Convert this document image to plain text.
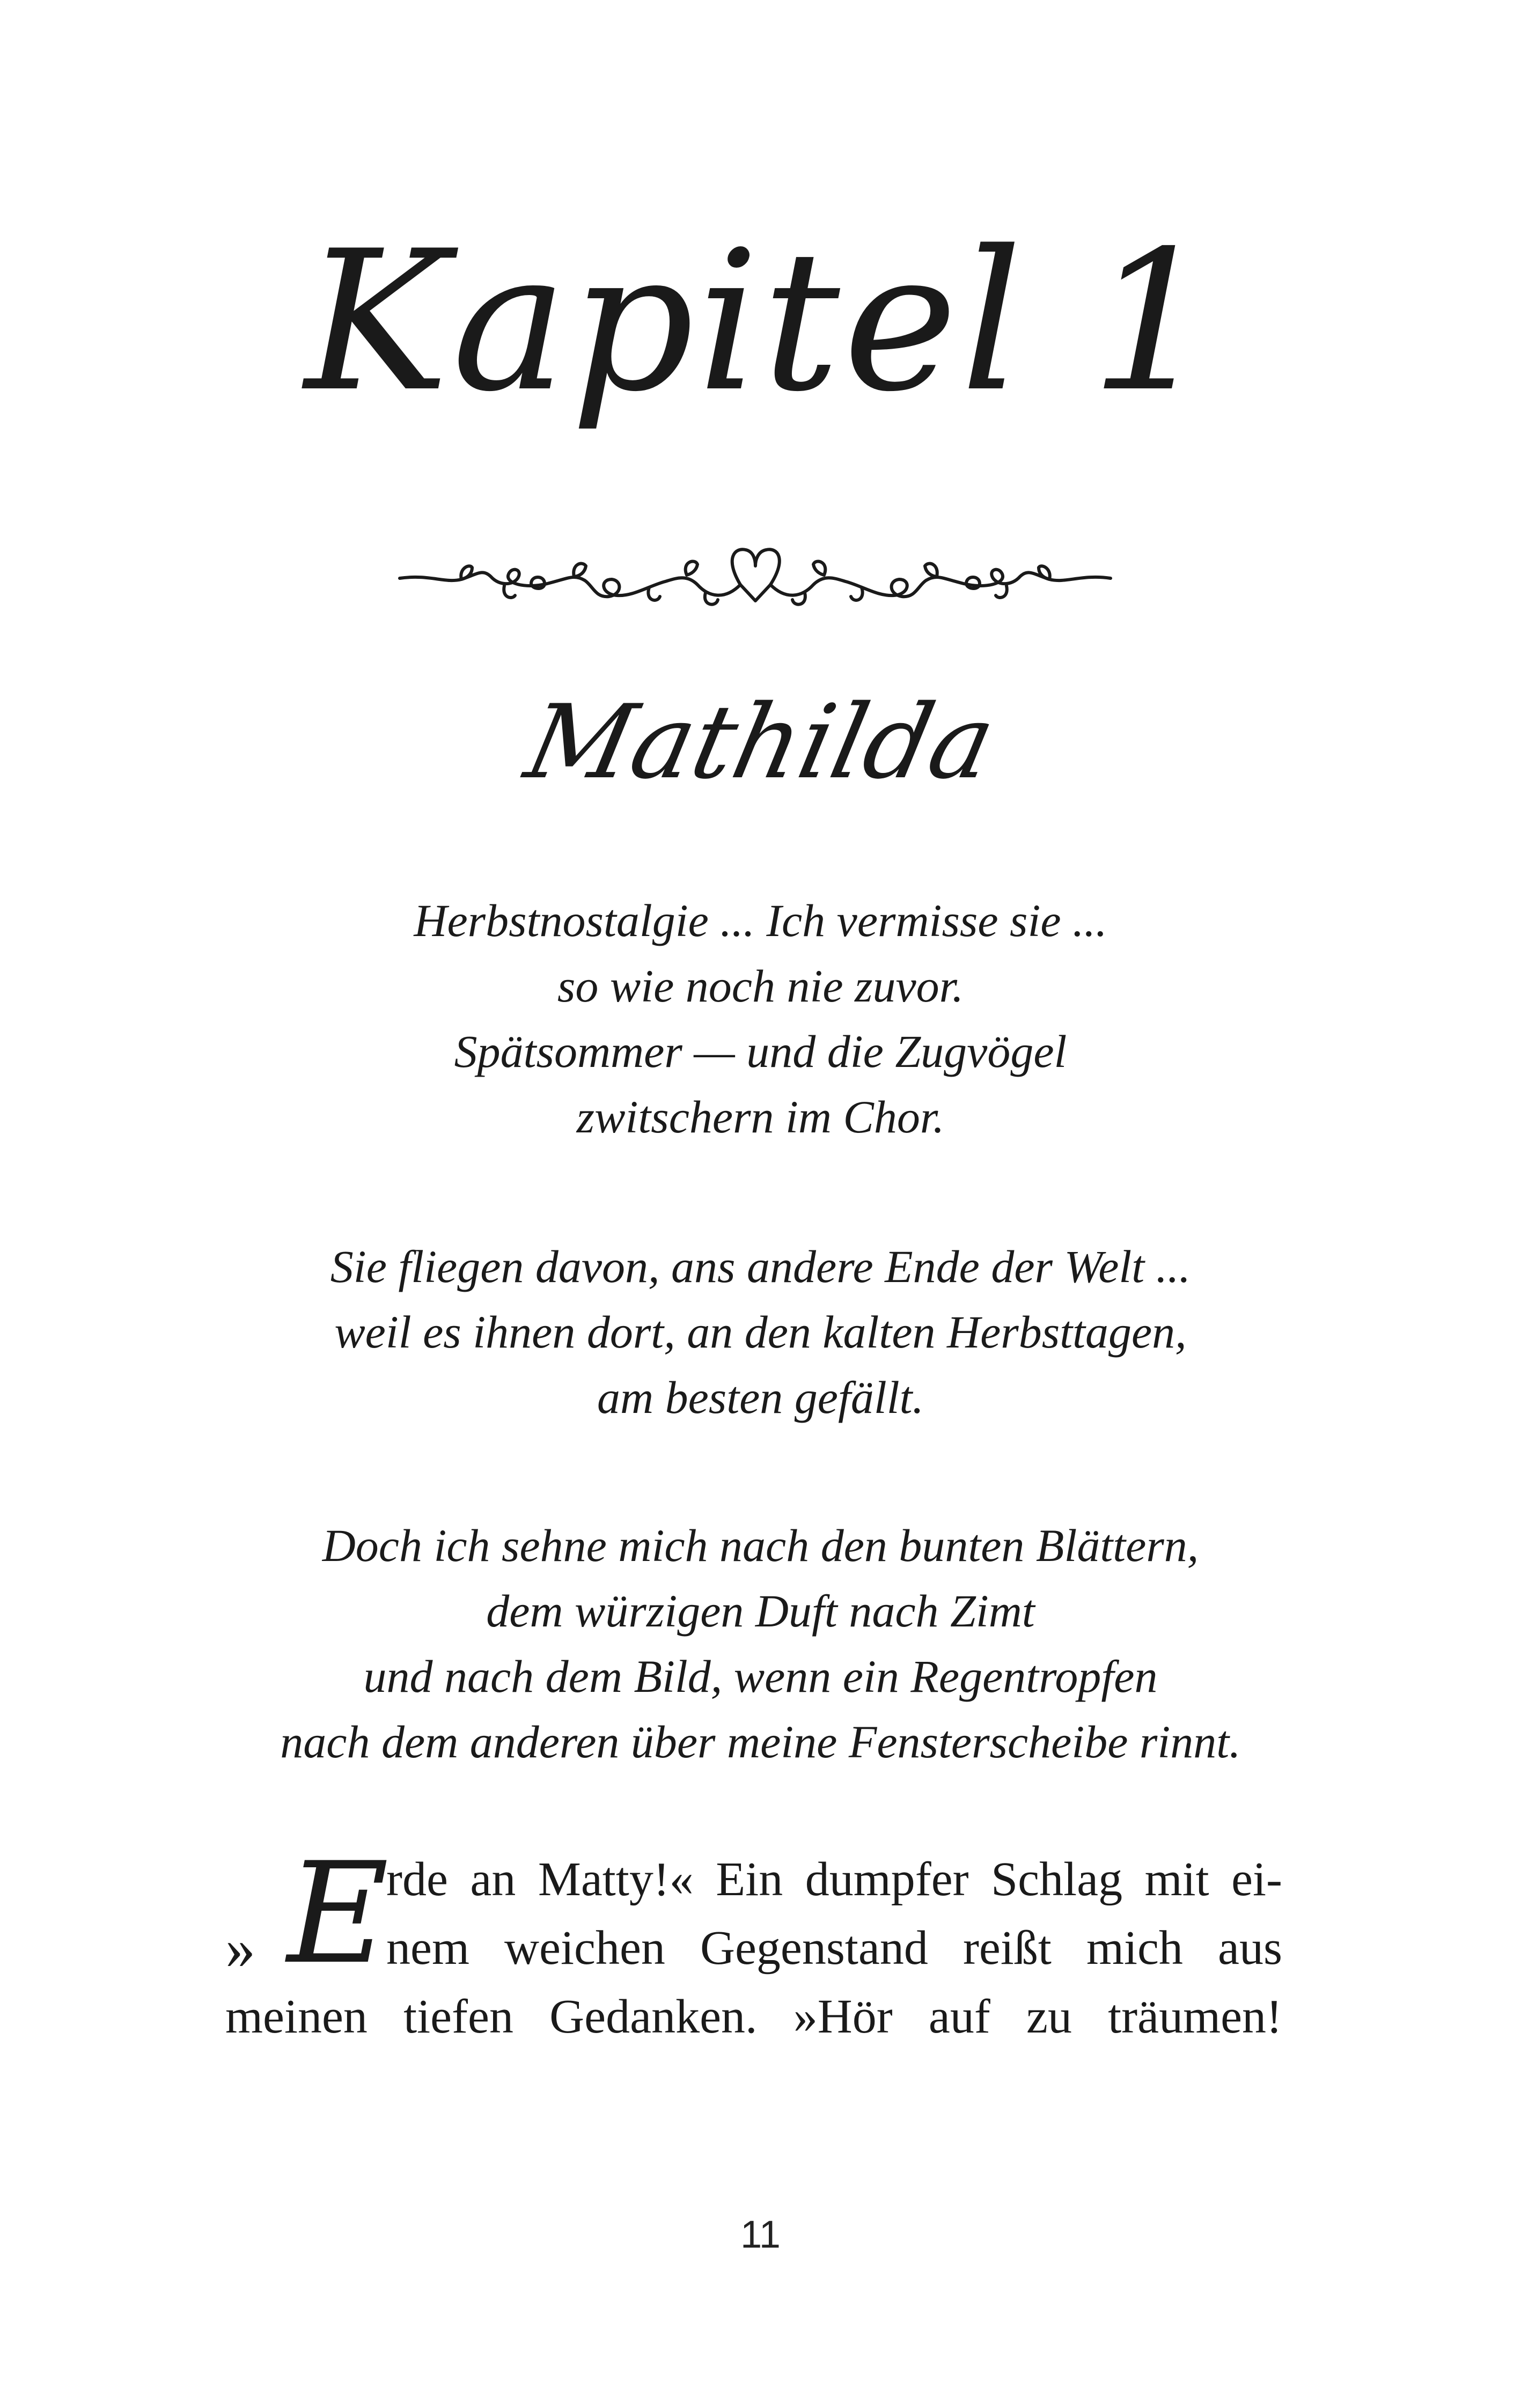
Kapitel 1
Mathilda
Herbstnostalgie ... Ich vermisse sie ...
so wie noch nie zuvor.
Spätsommer — und die Zugvögel
zwitschern im Chor.
Sie fliegen davon, ans andere Ende der Welt ...
weil es ihnen dort, an den kalten Herbsttagen,
am besten gefällt.
Doch ich sehne mich nach den bunten Blättern,
dem würzigen Duft nach Zimt
und nach dem Bild, wenn ein Regentropfen
nach dem anderen über meine Fensterscheibe rinnt.
» E
rde an Matty!« Ein dumpfer Schlag mit ei-
nem weichen Gegenstand reißt mich aus
meinen tiefen Gedanken. »Hör auf zu träumen!
11
